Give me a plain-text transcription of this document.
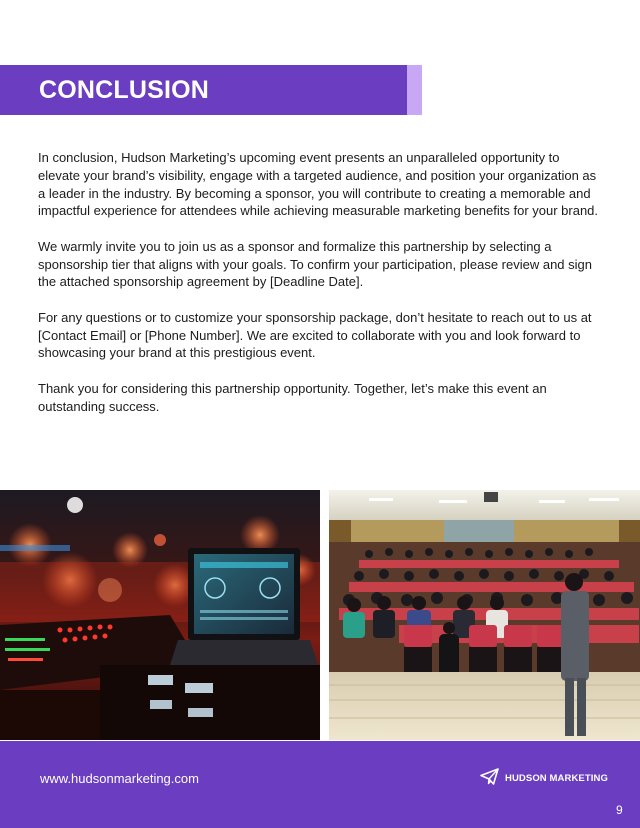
CONCLUSION

In conclusion, Hudson Marketing’s upcoming event presents an unparalleled opportunity to elevate your brand’s visibility, engage with a targeted audience, and position your organization as a leader in the industry. By becoming a sponsor, you will contribute to creating a memorable and impactful experience for attendees while achieving measurable marketing benefits for your brand.

We warmly invite you to join us as a sponsor and formalize this partnership by selecting a sponsorship tier that aligns with your goals. To confirm your participation, please review and sign the attached sponsorship agreement by [Deadline Date].

For any questions or to customize your sponsorship package, don’t hesitate to reach out to us at [Contact Email] or [Phone Number]. We are excited to collaborate with you and look forward to showcasing your brand at this prestigious event.

Thank you for considering this partnership opportunity. Together, let’s make this event an outstanding success.

www.hudsonmarketing.com	HUDSON MARKETING
9
